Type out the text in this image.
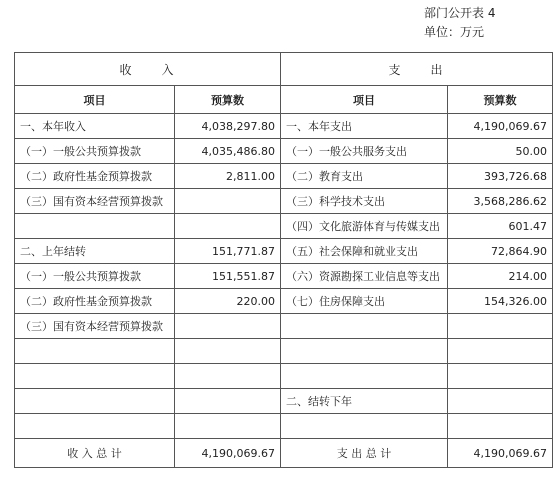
部门公开表 4
单位：万元
收　　入		支　　出	
项目	预算数	项目	预算数
一、本年收入	4,038,297.80	一、本年支出	4,190,069.67
（一）一般公共预算拨款	4,035,486.80	（一）一般公共服务支出	50.00
（二）政府性基金预算拨款	2,811.00	（二）教育支出	393,726.68
（三）国有资本经营预算拨款		（三）科学技术支出	3,568,286.62
		（四）文化旅游体育与传媒支出	601.47
二、上年结转	151,771.87	（五）社会保障和就业支出	72,864.90
（一）一般公共预算拨款	151,551.87	（六）资源勘探工业信息等支出	214.00
（二）政府性基金预算拨款	220.00	（七）住房保障支出	154,326.00
（三）国有资本经营预算拨款			

		二、结转下年	

收 入 总 计	4,190,069.67	支 出 总 计	4,190,069.67
